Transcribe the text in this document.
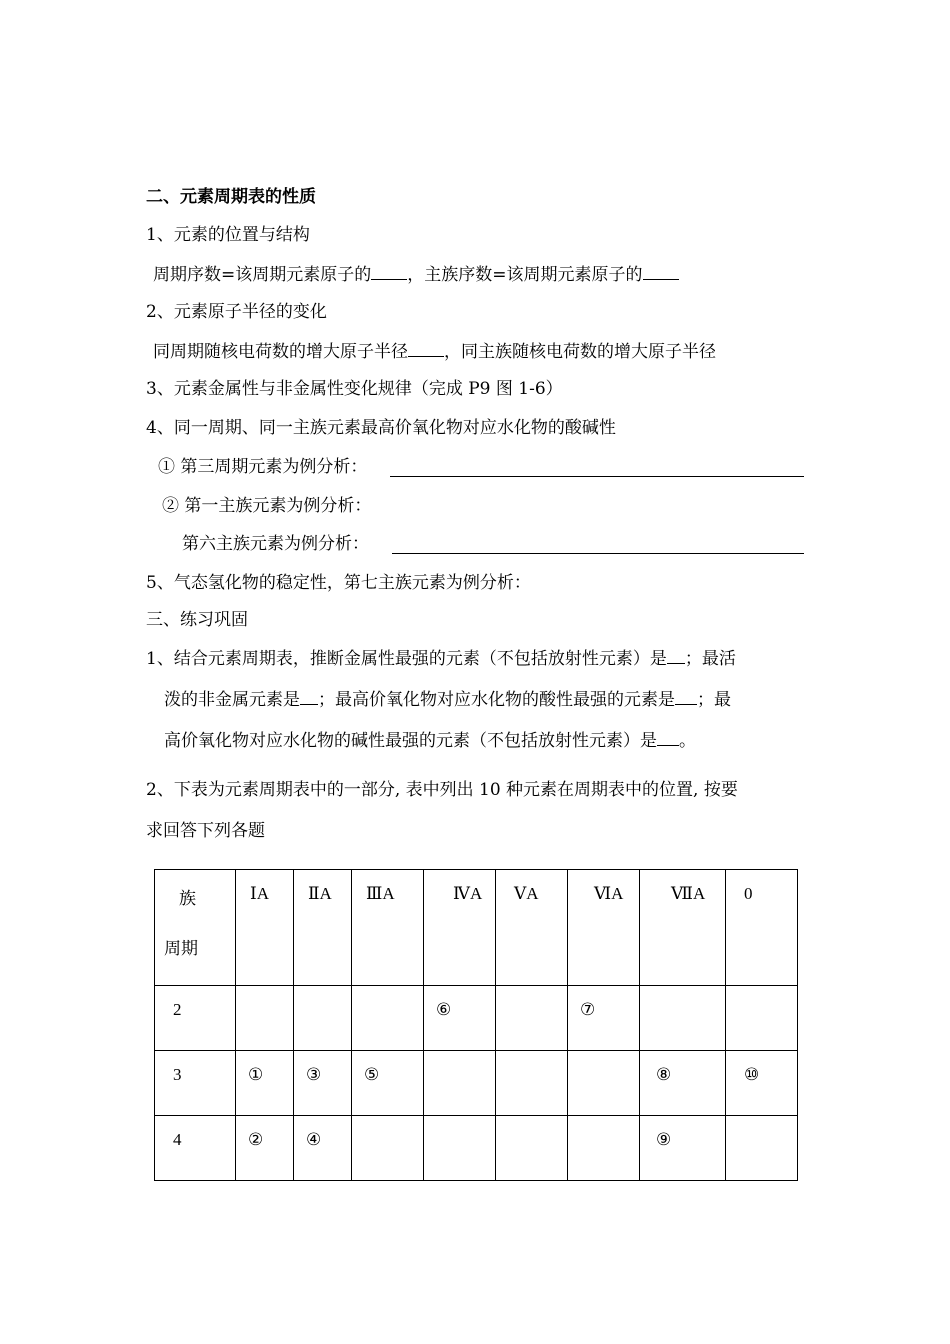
二、元素周期表的性质
1、元素的位置与结构
周期序数=该周期元素原子的 ，主族序数=该周期元素原子的
2、元素原子半径的变化
同周期随核电荷数的增大原子半径 ，同主族随核电荷数的增大原子半径
3、元素金属性与非金属性变化规律（完成 P9 图 1-6）
4、同一周期、同一主族元素最高价氧化物对应水化物的酸碱性
① 第三周期元素为例分析：
② 第一主族元素为例分析：
第六主族元素为例分析：
5、气态氢化物的稳定性，第七主族元素为例分析：
三、练习巩固
1、结合元素周期表，推断金属性最强的元素（不包括放射性元素）是 ；最活
泼的非金属元素是 ；最高价氧化物对应水化物的酸性最强的元素是 ；最
高价氧化物对应水化物的碱性最强的元素（不包括放射性元素）是 。
2、下表为元素周期表中的一部分, 表中列出 10 种元素在周期表中的位置, 按要
求回答下列各题
族
周期	ⅠA	ⅡA	ⅢA	ⅣA	ⅤA	ⅥA	ⅦA	0

2				⑥		⑦		

3	①	③	⑤				⑧	⑩

4	②	④					⑨	
